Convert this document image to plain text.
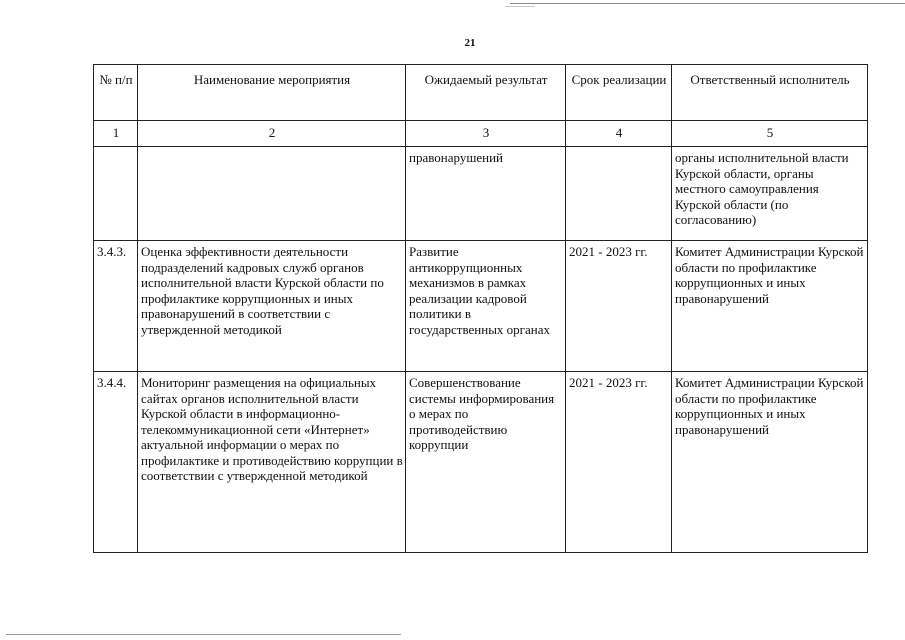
21
№ п/п	Наименование мероприятия	Ожидаемый результат	Срок реализации	Ответственный исполнитель
1	2	3	4	5
		правонарушений		органы исполнительной власти Курской области, органы местного самоуправления Курской области (по согласованию)
3.4.3.	Оценка эффективности деятельности подразделений кадровых служб органов исполнительной власти Курской области по профилактике коррупционных и иных правонарушений в соответствии с утвержденной методикой	Развитие антикоррупционных механизмов в рамках реализации кадровой политики в государственных органах	2021 - 2023 гг.	Комитет Администрации Курской области по профилактике коррупционных и иных правонарушений
3.4.4.	Мониторинг размещения на официальных сайтах органов исполнительной власти Курской области в информационно-телекоммуникационной сети «Интернет» актуальной информации о мерах по профилактике и противодействию коррупции в соответствии с утвержденной методикой	Совершенствование системы информирования о мерах по противодействию коррупции	2021 - 2023 гг.	Комитет Администрации Курской области по профилактике коррупционных и иных правонарушений
